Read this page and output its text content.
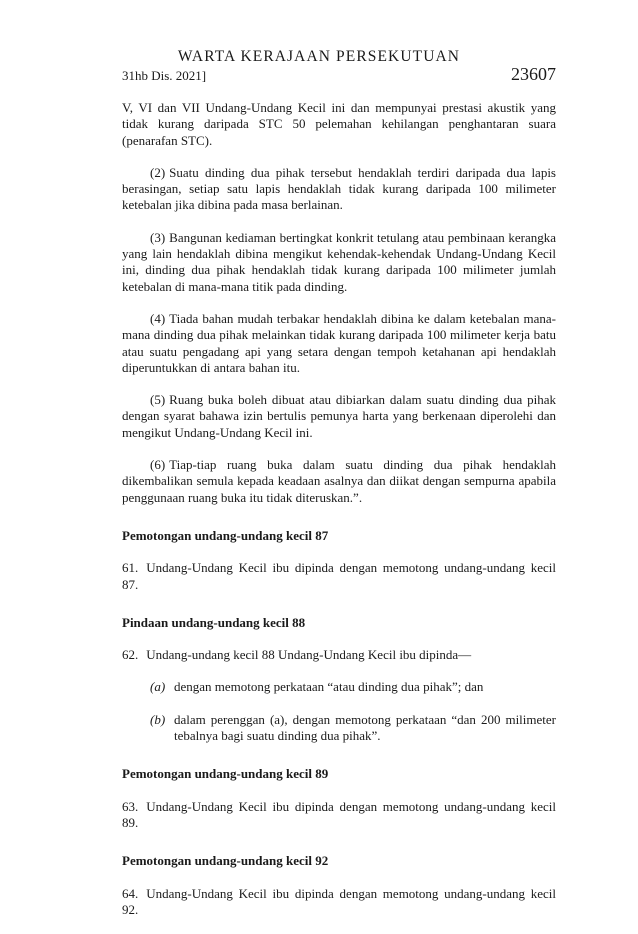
WARTA KERAJAAN PERSEKUTUAN
31hb Dis. 2021]	23607

V, VI dan VII Undang-Undang Kecil ini dan mempunyai prestasi akustik yang tidak kurang daripada STC 50 pelemahan kehilangan penghantaran suara (penarafan STC).

(2) Suatu dinding dua pihak tersebut hendaklah terdiri daripada dua lapis berasingan, setiap satu lapis hendaklah tidak kurang daripada 100 milimeter ketebalan jika dibina pada masa berlainan.

(3) Bangunan kediaman bertingkat konkrit tetulang atau pembinaan kerangka yang lain hendaklah dibina mengikut kehendak-kehendak Undang-Undang Kecil ini, dinding dua pihak hendaklah tidak kurang daripada 100 milimeter jumlah ketebalan di mana-mana titik pada dinding.

(4) Tiada bahan mudah terbakar hendaklah dibina ke dalam ketebalan mana-mana dinding dua pihak melainkan tidak kurang daripada 100 milimeter kerja batu atau suatu pengadang api yang setara dengan tempoh ketahanan api hendaklah diperuntukkan di antara bahan itu.

(5) Ruang buka boleh dibuat atau dibiarkan dalam suatu dinding dua pihak dengan syarat bahawa izin bertulis pemunya harta yang berkenaan diperolehi dan mengikut Undang-Undang Kecil ini.

(6) Tiap-tiap ruang buka dalam suatu dinding dua pihak hendaklah dikembalikan semula kepada keadaan asalnya dan diikat dengan sempurna apabila penggunaan ruang buka itu tidak diteruskan.”.

Pemotongan undang-undang kecil 87

61. Undang-Undang Kecil ibu dipinda dengan memotong undang-undang kecil 87.

Pindaan undang-undang kecil 88

62. Undang-undang kecil 88 Undang-Undang Kecil ibu dipinda—

(a) dengan memotong perkataan “atau dinding dua pihak”; dan
(b) dalam perenggan (a), dengan memotong perkataan “dan 200 milimeter tebalnya bagi suatu dinding dua pihak”.
Pemotongan undang-undang kecil 89

63. Undang-Undang Kecil ibu dipinda dengan memotong undang-undang kecil 89.

Pemotongan undang-undang kecil 92

64. Undang-Undang Kecil ibu dipinda dengan memotong undang-undang kecil 92.
